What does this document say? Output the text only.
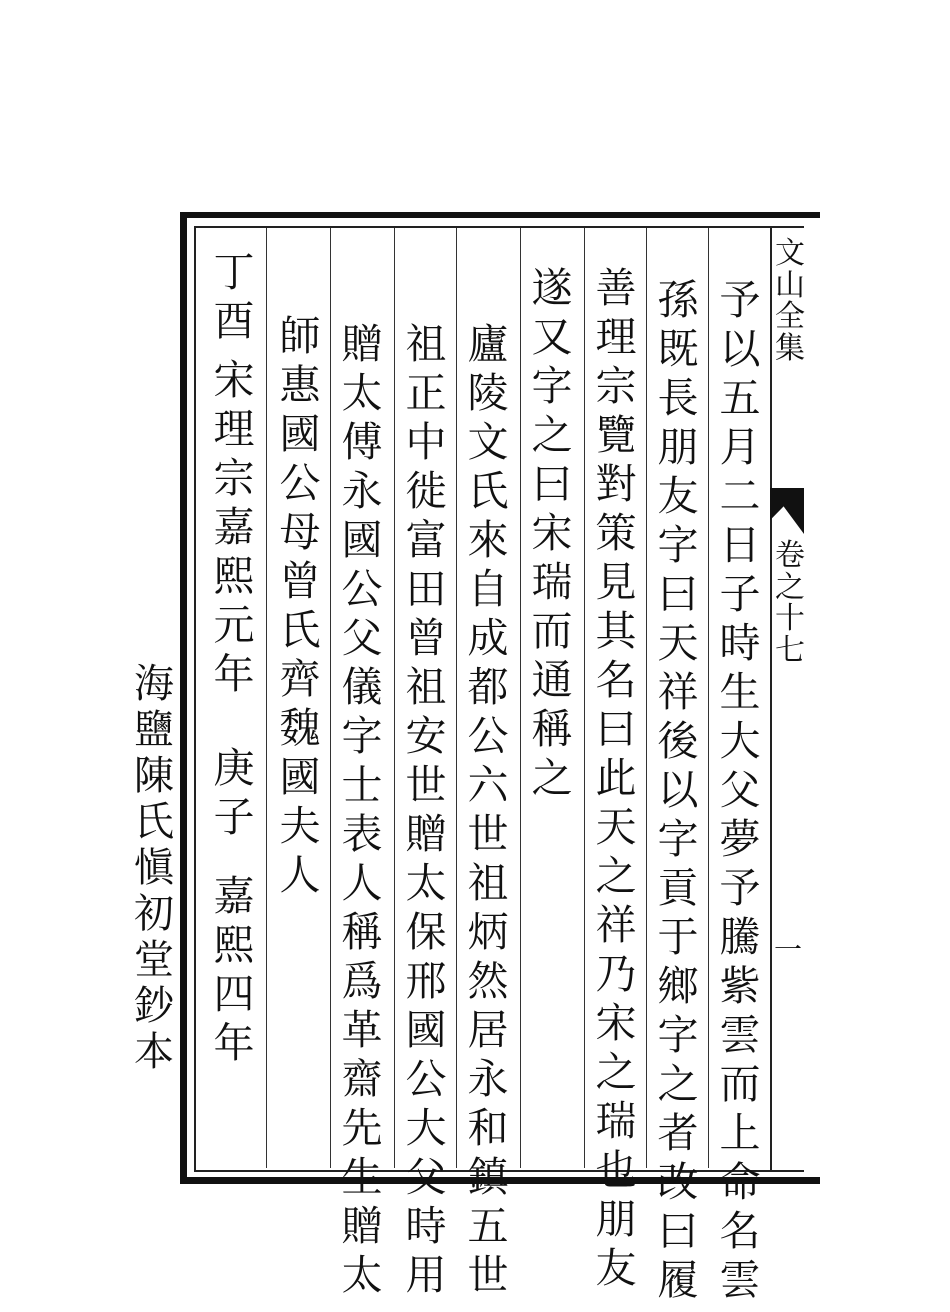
文
山
全
集
卷
之
十
七
一
予
以
五
月
二
日
子
時
生
大
父
夢
予
騰
紫
雲
而
上
命
名
雲
孫
既
長
朋
友
字
曰
天
祥
後
以
字
貢
于
鄉
字
之
者
改
曰
履
善
理
宗
覽
對
策
見
其
名
曰
此
天
之
祥
乃
宋
之
瑞
也
朋
友
遂
又
字
之
曰
宋
瑞
而
通
稱
之
廬
陵
文
氏
來
自
成
都
公
六
世
祖
炳
然
居
永
和
鎮
五
世
祖
正
中
徙
富
田
曾
祖
安
世
贈
太
保
邢
國
公
大
父
時
用
贈
太
傅
永
國
公
父
儀
字
士
表
人
稱
爲
革
齋
先
生
贈
太
師
惠
國
公
母
曾
氏
齊
魏
國
夫
人
丁
酉
宋
理
宗
嘉
熙
元
年
庚
子
嘉
熙
四
年
海
鹽
陳
氏
愼
初
堂
鈔
本
